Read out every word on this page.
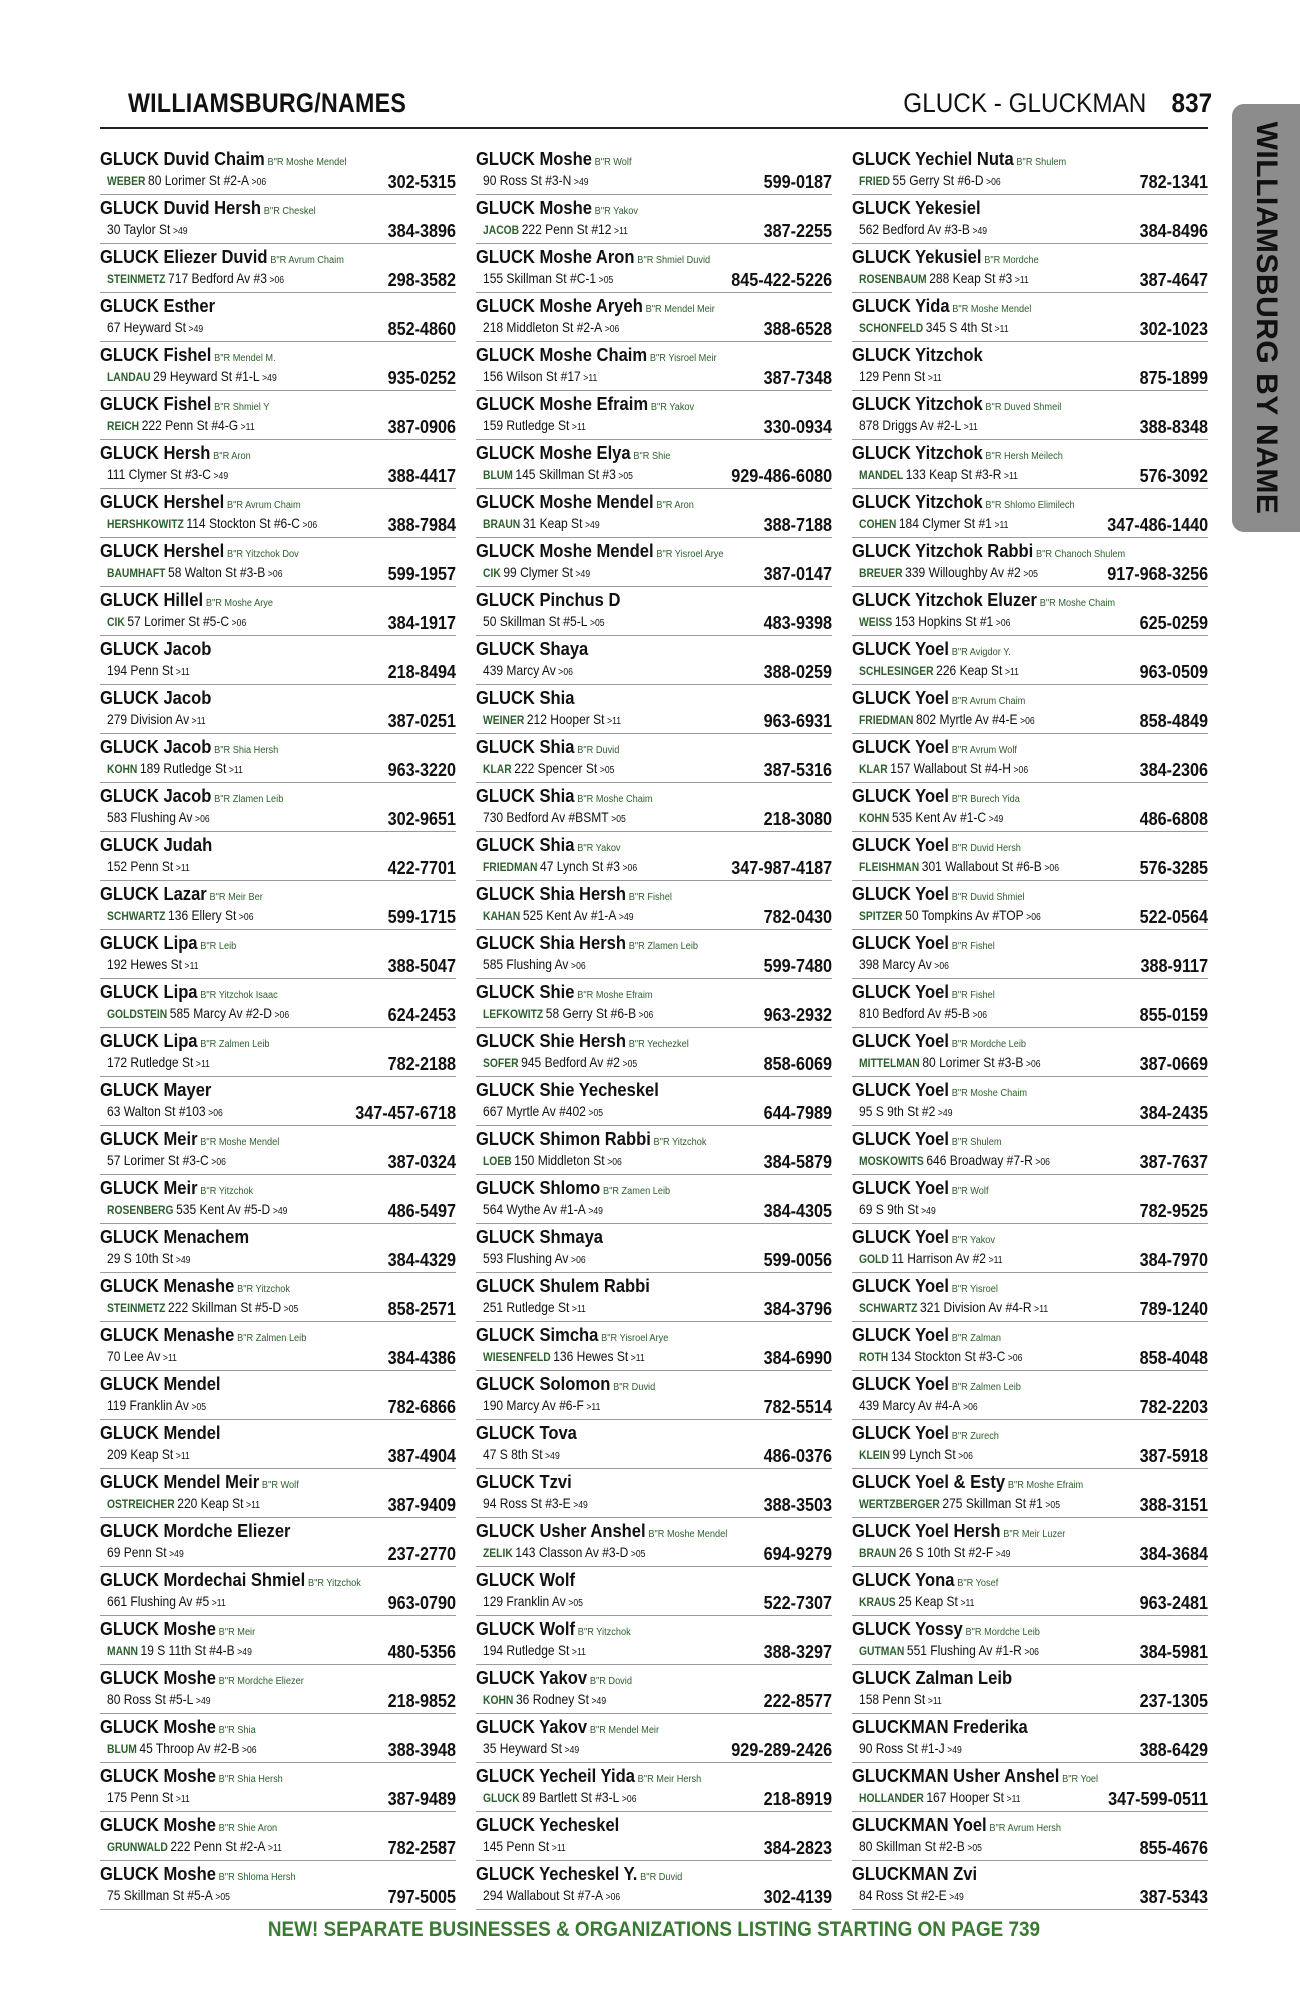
WILLIAMSBURG/NAMES	GLUCK - GLUCKMAN 837
WILLIAMSBURG BY NAME
GLUCK Duvid Chaim B"R Moshe Mendel
WEBER 80 Lorimer St #2-A >06	302-5315
GLUCK Duvid Hersh B"R Cheskel
30 Taylor St >49	384-3896
GLUCK Eliezer Duvid B"R Avrum Chaim
STEINMETZ 717 Bedford Av #3 >06	298-3582
GLUCK Esther
67 Heyward St >49	852-4860
GLUCK Fishel B"R Mendel M.
LANDAU 29 Heyward St #1-L >49	935-0252
GLUCK Fishel B"R Shmiel Y
REICH 222 Penn St #4-G >11	387-0906
GLUCK Hersh B"R Aron
111 Clymer St #3-C >49	388-4417
GLUCK Hershel B"R Avrum Chaim
HERSHKOWITZ 114 Stockton St #6-C >06	388-7984
GLUCK Hershel B"R Yitzchok Dov
BAUMHAFT 58 Walton St #3-B >06	599-1957
GLUCK Hillel B"R Moshe Arye
CIK 57 Lorimer St #5-C >06	384-1917
GLUCK Jacob
194 Penn St >11	218-8494
GLUCK Jacob
279 Division Av >11	387-0251
GLUCK Jacob B"R Shia Hersh
KOHN 189 Rutledge St >11	963-3220
GLUCK Jacob B"R Zlamen Leib
583 Flushing Av >06	302-9651
GLUCK Judah
152 Penn St >11	422-7701
GLUCK Lazar B"R Meir Ber
SCHWARTZ 136 Ellery St >06	599-1715
GLUCK Lipa B"R Leib
192 Hewes St >11	388-5047
GLUCK Lipa B"R Yitzchok Isaac
GOLDSTEIN 585 Marcy Av #2-D >06	624-2453
GLUCK Lipa B"R Zalmen Leib
172 Rutledge St >11	782-2188
GLUCK Mayer
63 Walton St #103 >06	347-457-6718
GLUCK Meir B"R Moshe Mendel
57 Lorimer St #3-C >06	387-0324
GLUCK Meir B"R Yitzchok
ROSENBERG 535 Kent Av #5-D >49	486-5497
GLUCK Menachem
29 S 10th St >49	384-4329
GLUCK Menashe B"R Yitzchok
STEINMETZ 222 Skillman St #5-D >05	858-2571
GLUCK Menashe B"R Zalmen Leib
70 Lee Av >11	384-4386
GLUCK Mendel
119 Franklin Av >05	782-6866
GLUCK Mendel
209 Keap St >11	387-4904
GLUCK Mendel Meir B"R Wolf
OSTREICHER 220 Keap St >11	387-9409
GLUCK Mordche Eliezer
69 Penn St >49	237-2770
GLUCK Mordechai Shmiel B"R Yitzchok
661 Flushing Av #5 >11	963-0790
GLUCK Moshe B"R Meir
MANN 19 S 11th St #4-B >49	480-5356
GLUCK Moshe B"R Mordche Eliezer
80 Ross St #5-L >49	218-9852
GLUCK Moshe B"R Shia
BLUM 45 Throop Av #2-B >06	388-3948
GLUCK Moshe B"R Shia Hersh
175 Penn St >11	387-9489
GLUCK Moshe B"R Shie Aron
GRUNWALD 222 Penn St #2-A >11	782-2587
GLUCK Moshe B"R Shloma Hersh
75 Skillman St #5-A >05	797-5005
GLUCK Moshe B"R Wolf
90 Ross St #3-N >49	599-0187
GLUCK Moshe B"R Yakov
JACOB 222 Penn St #12 >11	387-2255
GLUCK Moshe Aron B"R Shmiel Duvid
155 Skillman St #C-1 >05	845-422-5226
GLUCK Moshe Aryeh B"R Mendel Meir
218 Middleton St #2-A >06	388-6528
GLUCK Moshe Chaim B"R Yisroel Meir
156 Wilson St #17 >11	387-7348
GLUCK Moshe Efraim B"R Yakov
159 Rutledge St >11	330-0934
GLUCK Moshe Elya B"R Shie
BLUM 145 Skillman St #3 >05	929-486-6080
GLUCK Moshe Mendel B"R Aron
BRAUN 31 Keap St >49	388-7188
GLUCK Moshe Mendel B"R Yisroel Arye
CIK 99 Clymer St >49	387-0147
GLUCK Pinchus D
50 Skillman St #5-L >05	483-9398
GLUCK Shaya
439 Marcy Av >06	388-0259
GLUCK Shia
WEINER 212 Hooper St >11	963-6931
GLUCK Shia B"R Duvid
KLAR 222 Spencer St >05	387-5316
GLUCK Shia B"R Moshe Chaim
730 Bedford Av #BSMT >05	218-3080
GLUCK Shia B"R Yakov
FRIEDMAN 47 Lynch St #3 >06	347-987-4187
GLUCK Shia Hersh B"R Fishel
KAHAN 525 Kent Av #1-A >49	782-0430
GLUCK Shia Hersh B"R Zlamen Leib
585 Flushing Av >06	599-7480
GLUCK Shie B"R Moshe Efraim
LEFKOWITZ 58 Gerry St #6-B >06	963-2932
GLUCK Shie Hersh B"R Yechezkel
SOFER 945 Bedford Av #2 >05	858-6069
GLUCK Shie Yecheskel
667 Myrtle Av #402 >05	644-7989
GLUCK Shimon Rabbi B"R Yitzchok
LOEB 150 Middleton St >06	384-5879
GLUCK Shlomo B"R Zamen Leib
564 Wythe Av #1-A >49	384-4305
GLUCK Shmaya
593 Flushing Av >06	599-0056
GLUCK Shulem Rabbi
251 Rutledge St >11	384-3796
GLUCK Simcha B"R Yisroel Arye
WIESENFELD 136 Hewes St >11	384-6990
GLUCK Solomon B"R Duvid
190 Marcy Av #6-F >11	782-5514
GLUCK Tova
47 S 8th St >49	486-0376
GLUCK Tzvi
94 Ross St #3-E >49	388-3503
GLUCK Usher Anshel B"R Moshe Mendel
ZELIK 143 Classon Av #3-D >05	694-9279
GLUCK Wolf
129 Franklin Av >05	522-7307
GLUCK Wolf B"R Yitzchok
194 Rutledge St >11	388-3297
GLUCK Yakov B"R Dovid
KOHN 36 Rodney St >49	222-8577
GLUCK Yakov B"R Mendel Meir
35 Heyward St >49	929-289-2426
GLUCK Yecheil Yida B"R Meir Hersh
GLUCK 89 Bartlett St #3-L >06	218-8919
GLUCK Yecheskel
145 Penn St >11	384-2823
GLUCK Yecheskel Y. B"R Duvid
294 Wallabout St #7-A >06	302-4139
GLUCK Yechiel Nuta B"R Shulem
FRIED 55 Gerry St #6-D >06	782-1341
GLUCK Yekesiel
562 Bedford Av #3-B >49	384-8496
GLUCK Yekusiel B"R Mordche
ROSENBAUM 288 Keap St #3 >11	387-4647
GLUCK Yida B"R Moshe Mendel
SCHONFELD 345 S 4th St >11	302-1023
GLUCK Yitzchok
129 Penn St >11	875-1899
GLUCK Yitzchok B"R Duved Shmeil
878 Driggs Av #2-L >11	388-8348
GLUCK Yitzchok B"R Hersh Meilech
MANDEL 133 Keap St #3-R >11	576-3092
GLUCK Yitzchok B"R Shlomo Elimilech
COHEN 184 Clymer St #1 >11	347-486-1440
GLUCK Yitzchok Rabbi B"R Chanoch Shulem
BREUER 339 Willoughby Av #2 >05	917-968-3256
GLUCK Yitzchok Eluzer B"R Moshe Chaim
WEISS 153 Hopkins St #1 >06	625-0259
GLUCK Yoel B"R Avigdor Y.
SCHLESINGER 226 Keap St >11	963-0509
GLUCK Yoel B"R Avrum Chaim
FRIEDMAN 802 Myrtle Av #4-E >06	858-4849
GLUCK Yoel B"R Avrum Wolf
KLAR 157 Wallabout St #4-H >06	384-2306
GLUCK Yoel B"R Burech Yida
KOHN 535 Kent Av #1-C >49	486-6808
GLUCK Yoel B"R Duvid Hersh
FLEISHMAN 301 Wallabout St #6-B >06	576-3285
GLUCK Yoel B"R Duvid Shmiel
SPITZER 50 Tompkins Av #TOP >06	522-0564
GLUCK Yoel B"R Fishel
398 Marcy Av >06	388-9117
GLUCK Yoel B"R Fishel
810 Bedford Av #5-B >06	855-0159
GLUCK Yoel B"R Mordche Leib
MITTELMAN 80 Lorimer St #3-B >06	387-0669
GLUCK Yoel B"R Moshe Chaim
95 S 9th St #2 >49	384-2435
GLUCK Yoel B"R Shulem
MOSKOWITS 646 Broadway #7-R >06	387-7637
GLUCK Yoel B"R Wolf
69 S 9th St >49	782-9525
GLUCK Yoel B"R Yakov
GOLD 11 Harrison Av #2 >11	384-7970
GLUCK Yoel B"R Yisroel
SCHWARTZ 321 Division Av #4-R >11	789-1240
GLUCK Yoel B"R Zalman
ROTH 134 Stockton St #3-C >06	858-4048
GLUCK Yoel B"R Zalmen Leib
439 Marcy Av #4-A >06	782-2203
GLUCK Yoel B"R Zurech
KLEIN 99 Lynch St >06	387-5918
GLUCK Yoel & Esty B"R Moshe Efraim
WERTZBERGER 275 Skillman St #1 >05	388-3151
GLUCK Yoel Hersh B"R Meir Luzer
BRAUN 26 S 10th St #2-F >49	384-3684
GLUCK Yona B"R Yosef
KRAUS 25 Keap St >11	963-2481
GLUCK Yossy B"R Mordche Leib
GUTMAN 551 Flushing Av #1-R >06	384-5981
GLUCK Zalman Leib
158 Penn St >11	237-1305
GLUCKMAN Frederika
90 Ross St #1-J >49	388-6429
GLUCKMAN Usher Anshel B"R Yoel
HOLLANDER 167 Hooper St >11	347-599-0511
GLUCKMAN Yoel B"R Avrum Hersh
80 Skillman St #2-B >05	855-4676
GLUCKMAN Zvi
84 Ross St #2-E >49	387-5343
NEW! SEPARATE BUSINESSES & ORGANIZATIONS LISTING STARTING ON PAGE 739
